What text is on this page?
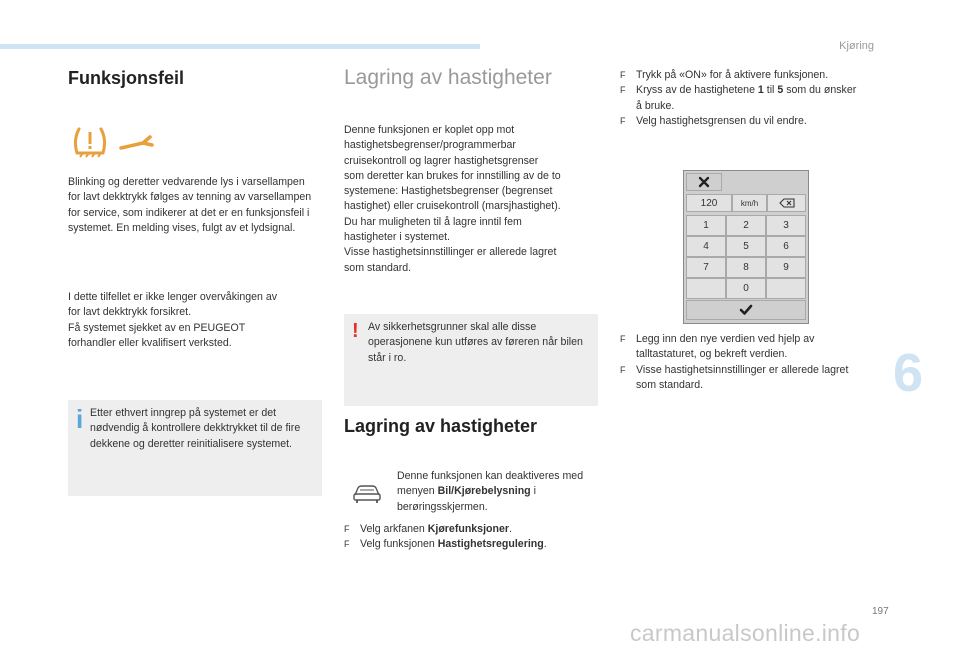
Kjøring
6
197
carmanualsonline.info
Funksjonsfeil

Blinking og deretter vedvarende lys i varsellampen for lavt dekktrykk følges av tenning av varsellampen for service, som indikerer at det er en funksjonsfeil i systemet. En melding vises, fulgt av et lydsignal.

I dette tilfellet er ikke lenger overvåkingen av
for lavt dekktrykk forsikret.
Få systemet sjekket av en PEUGEOT
forhandler eller kvalifisert verksted.
i Etter ethvert inngrep på systemet er det nødvendig å kontrollere dekktrykket til de fire dekkene og deretter reinitialisere systemet.
Lagring av hastigheter
Denne funksjonen er koplet opp mot
hastighetsbegrenser/programmerbar
cruisekontroll og lagrer hastighetsgrenser
som deretter kan brukes for innstilling av de to
systemene: Hastighetsbegrenser (begrenset
hastighet) eller cruisekontroll (marsjhastighet).
Du har muligheten til å lagre inntil fem
hastigheter i systemet.
Visse hastighetsinnstillinger er allerede lagret
som standard.
! Av sikkerhetsgrunner skal alle disse operasjonene kun utføres av føreren når bilen står i ro.
Lagring av hastigheter
Denne funksjonen kan deaktiveres med menyen Bil/Kjørebelysning i berøringsskjermen.
F Velg arkfanen Kjørefunksjoner.
F Velg funksjonen Hastighetsregulering.
F Trykk på «ON» for å aktivere funksjonen.
F Kryss av de hastighetene 1 til 5 som du ønsker å bruke.
F Velg hastighetsgrensen du vil endre.
120	km/h
1	2	3
4	5	6
7	8	9
0
F Legg inn den nye verdien ved hjelp av talltastaturet, og bekreft verdien.
F Visse hastighetsinnstillinger er allerede lagret som standard.
